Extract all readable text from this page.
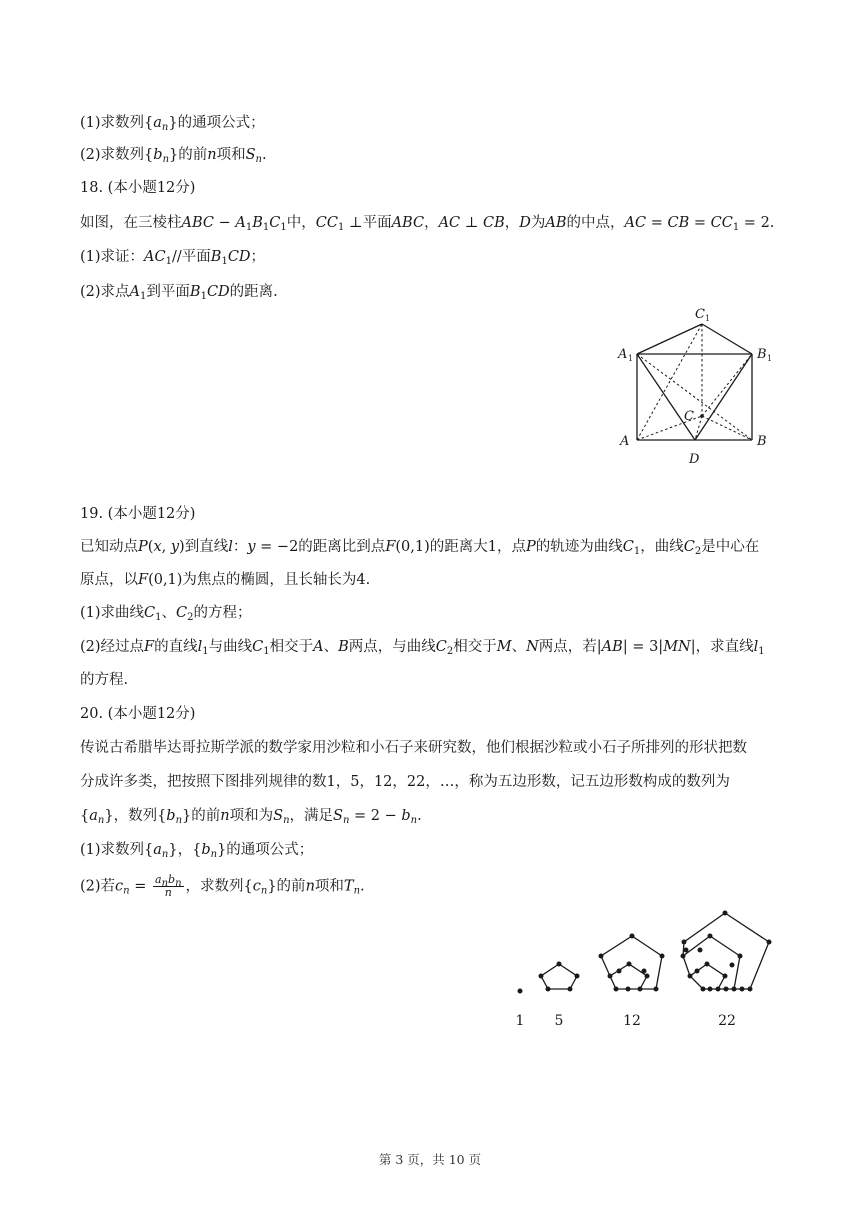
(1)求数列$\{a_n\}$的通项公式；
(2)求数列$\{b_n\}$的前n项和$S_n$.
18. (本小题12分)
如图，在三棱柱ABC − $A_1B_1C_1$中，$CC_1$ ⊥平面ABC，AC ⊥ CB，D为AB的中点，AC = CB = $CC_1 = 2$.
(1)求证：$AC_1//$平面$B_1CD$；
(2)求点$A_1$到平面$B_1CD$的距离.
C 1
A 1	B 1
C
A	B
D
19. (本小题12分)
已知动点P(x, y)到直线l：y = −2的距离比到点F(0,1)的距离大1，点P的轨迹为曲线$C_1$，曲线$C_2$是中心在
原点，以F(0,1)为焦点的椭圆，且长轴长为4.
(1)求曲线$C_1$、$C_2$的方程；
(2)经过点F的直线$l_1$与曲线$C_1$相交于A、B两点，与曲线$C_2$相交于M、N两点，若|AB| = 3|MN|，求直线$l_1$
的方程.
20. (本小题12分)
传说古希腊毕达哥拉斯学派的数学家用沙粒和小石子来研究数，他们根据沙粒或小石子所排列的形状把数
分成许多类，把按照下图排列规律的数1，5，12，22，…，称为五边形数，记五边形数构成的数列为
$\{a_n\}$，数列$\{b_n\}$的前n项和为$S_n$，满足$S_n = 2 - b_n$.
(1)求数列$\{a_n\}$，$\{b_n\}$的通项公式；
(2)若$c_n = \frac{a_nb_n}{n}$ ，求数列$\{c_n\}$的前n项和$T_n$.
1 5	12	22
第 3 页，共 10 页
